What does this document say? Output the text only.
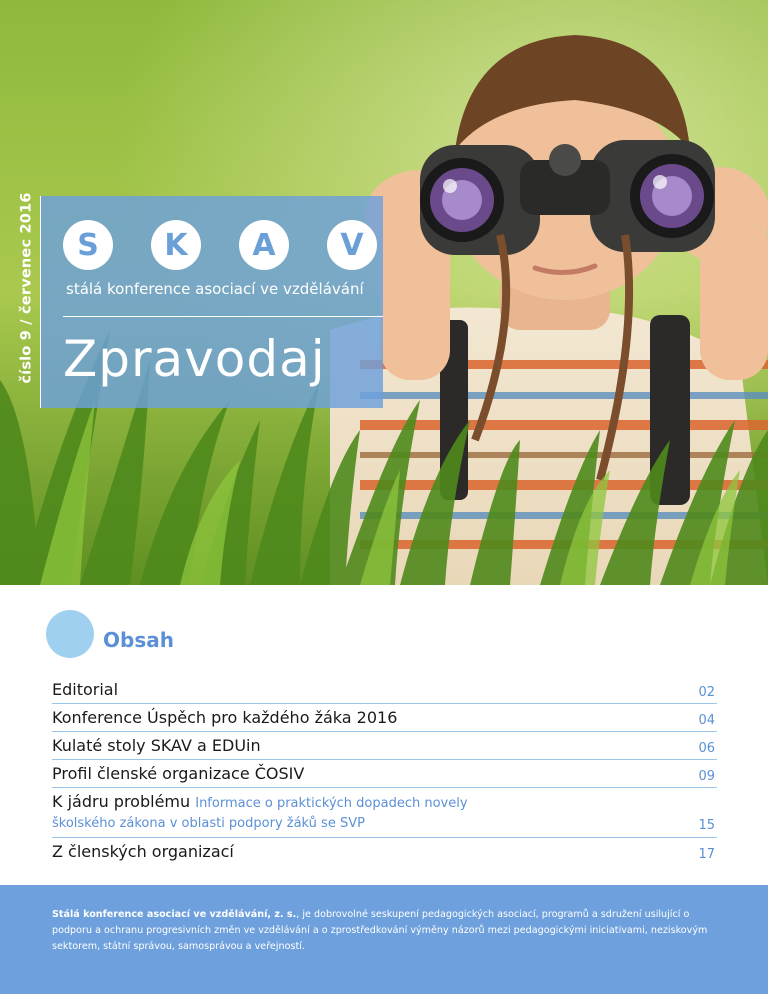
číslo 9 / červenec 2016	S	K	A	V
stálá konference asociací ve vzdělávání
Zpravodaj
Obsah
Editorial	02
Konference Úspěch pro každého žáka 2016	04
Kulaté stoly SKAV a EDUin	06
Profil členské organizace ČOSIV	09
K jádru problému Informace o praktických dopadech novely
školského zákona v oblasti podpory žáků se SVP	15
Z členských organizací	17

Stálá konference asociací ve vzdělávání, z. s., je dobrovolné seskupení pedagogických asociací, programů a sdružení usilující o podporu a ochranu progresivních změn ve vzdělávání a o zprostředkování výměny názorů mezi pedagogickými iniciativami, neziskovým sektorem, státní správou, samosprávou a veřejností.
